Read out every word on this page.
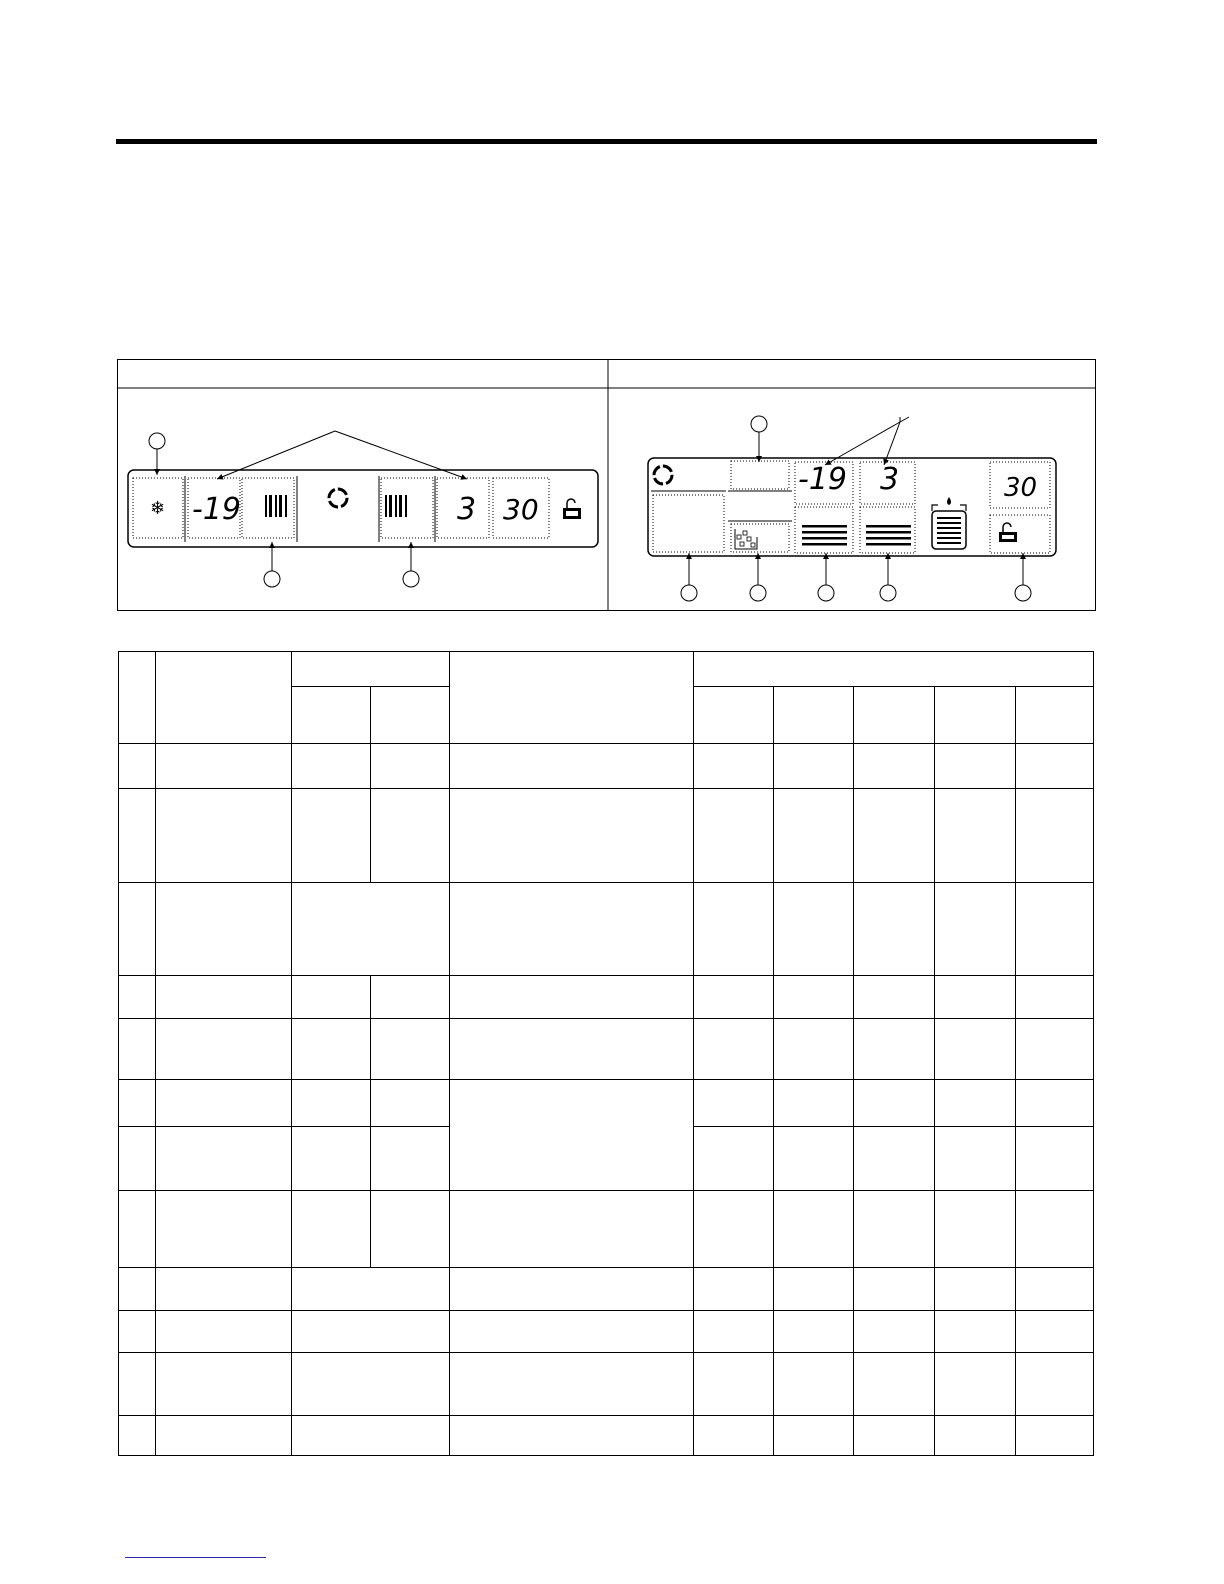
❄ -19	3 30
-19 3	30
